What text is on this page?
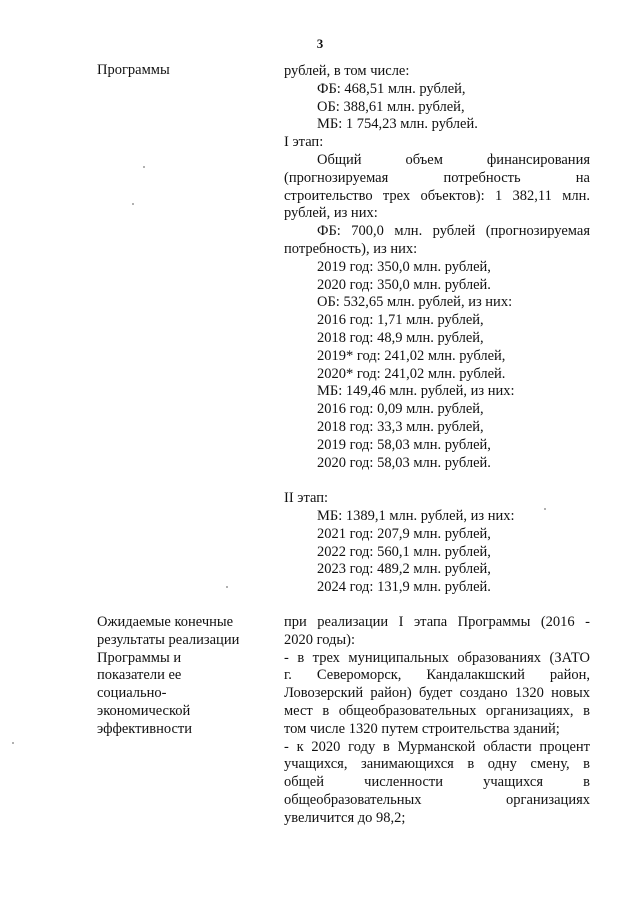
3
Программы
Ожидаемые конечные
результаты реализации
Программы и
показатели ее
социально-
экономической
эффективности
рублей, в том числе:
ФБ: 468,51 млн. рублей,
ОБ: 388,61 млн. рублей,
МБ: 1 754,23 млн. рублей.
I этап:
Общий объем финансирования
(прогнозируемая потребность на
строительство трех объектов): 1 382,11 млн.
рублей, из них:
ФБ: 700,0 млн. рублей (прогнозируемая
потребность), из них:
2019 год: 350,0 млн. рублей,
2020 год: 350,0 млн. рублей.
ОБ: 532,65 млн. рублей, из них:
2016 год: 1,71 млн. рублей,
2018 год: 48,9 млн. рублей,
2019* год: 241,02 млн. рублей,
2020* год: 241,02 млн. рублей.
МБ: 149,46 млн. рублей, из них:
2016 год: 0,09 млн. рублей,
2018 год: 33,3 млн. рублей,
2019 год: 58,03 млн. рублей,
2020 год: 58,03 млн. рублей.
II этап:
МБ: 1389,1 млн. рублей, из них:
2021 год: 207,9 млн. рублей,
2022 год: 560,1 млн. рублей,
2023 год: 489,2 млн. рублей,
2024 год: 131,9 млн. рублей.
при реализации I этапа Программы (2016 -
2020 годы):
- в трех муниципальных образованиях (ЗАТО
г. Североморск, Кандалакшский район,
Ловозерский район) будет создано 1320 новых
мест в общеобразовательных организациях, в
том числе 1320 путем строительства зданий;
- к 2020 году в Мурманской области процент
учащихся, занимающихся в одну смену, в
общей численности учащихся в
общеобразовательных организациях
увеличится до 98,2;
